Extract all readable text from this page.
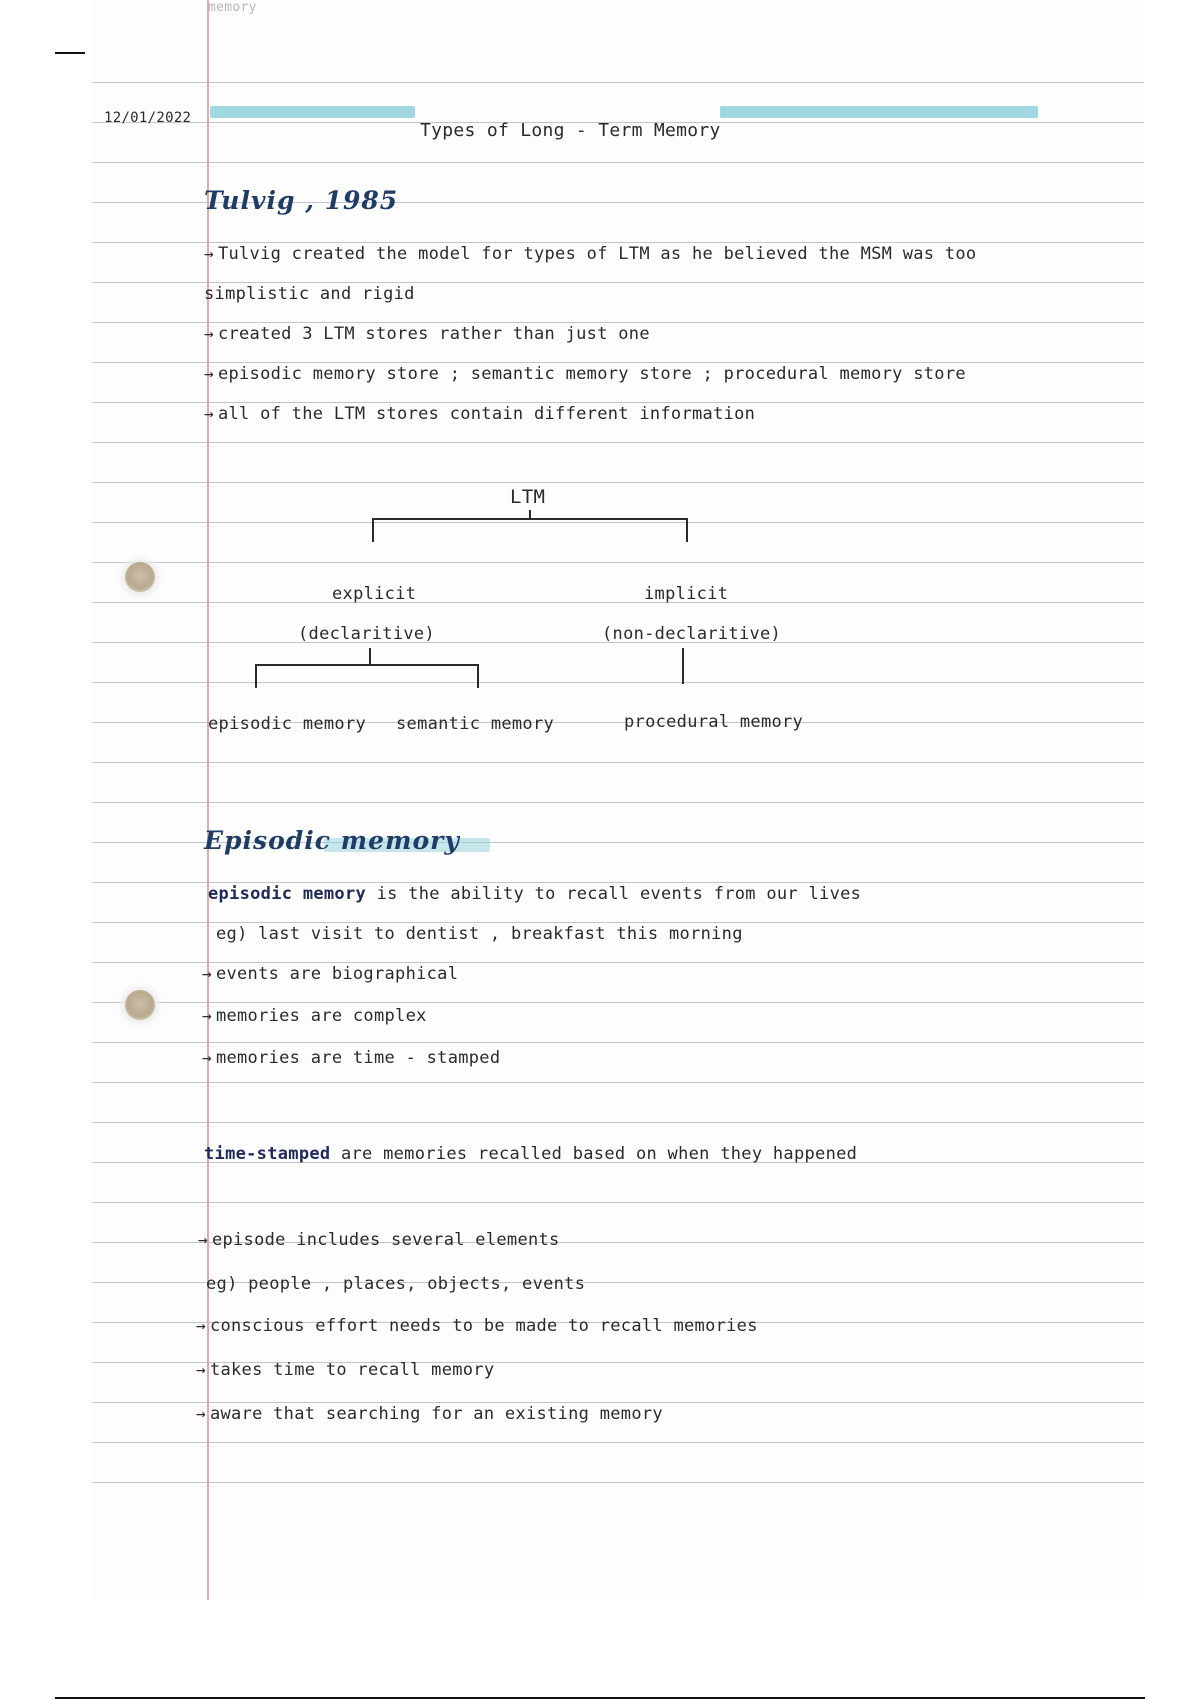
memory
12/01/2022
Types of Long - Term Memory
Tulvig , 1985
→ Tulvig created the model for types of LTM as he believed the MSM was too
simplistic and rigid
→ created 3 LTM stores rather than just one
→ episodic memory store ; semantic memory store ; procedural memory store
→ all of the LTM stores contain different information
LTM
explicit
(declaritive)
implicit
(non-declaritive)
episodic memory semantic memory	procedural memory
Episodic memory
episodic memory is the ability to recall events from our lives
eg) last visit to dentist , breakfast this morning
→ events are biographical
→ memories are complex
→ memories are time - stamped
time-stamped are memories recalled based on when they happened
→ episode includes several elements
eg) people , places, objects, events
→ conscious effort needs to be made to recall memories
→ takes time to recall memory
→ aware that searching for an existing memory
